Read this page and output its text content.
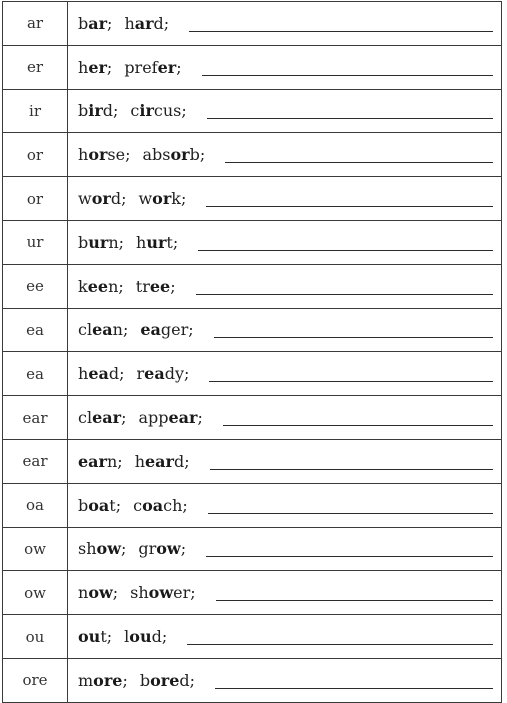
ar	bar ; hard ;

er	her ; prefer ;

ir	bird ; circus ;

or	horse ; absorb ;

or	word ; work ;

ur	burn ; hurt ;

ee	keen ; tree ;

ea	clean ; eager ;

ea	head ; ready ;

ear	clear ; appear ;

ear	earn ; heard ;

oa	boat ; coach ;

ow	show ; grow ;

ow	now ; shower ;

ou	out ; loud ;

ore	more ; bored ;
